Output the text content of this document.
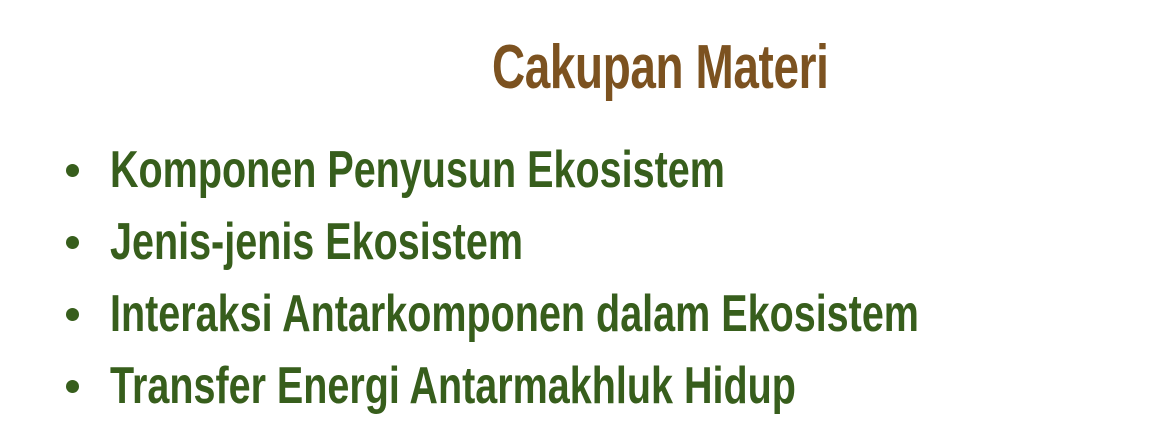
Cakupan Materi
Komponen Penyusun Ekosistem
Jenis-jenis Ekosistem
Interaksi Antarkomponen dalam Ekosistem
Transfer Energi Antarmakhluk Hidup
